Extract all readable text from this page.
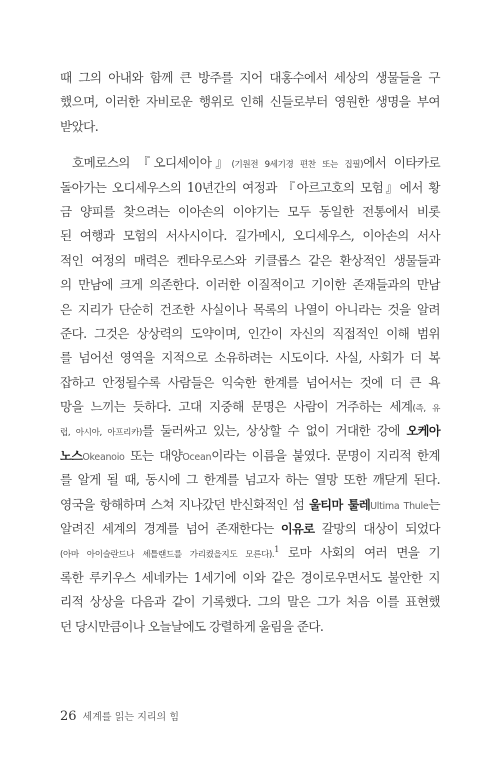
때 그의 아내와 함께 큰 방주를 지어 대홍수에서 세상의 생물들을 구
했으며, 이러한 자비로운 행위로 인해 신들로부터 영원한 생명을 부여
받았다.
호메로스의 『오디세이아』(기원전 9세기경 편찬 또는 집필)에서 이타카로
돌아가는 오디세우스의 10년간의 여정과 『아르고호의 모험』에서 황
금 양피를 찾으려는 이아손의 이야기는 모두 동일한 전통에서 비롯
된 여행과 모험의 서사시이다. 길가메시, 오디세우스, 이아손의 서사
적인 여정의 매력은 켄타우로스와 키클롭스 같은 환상적인 생물들과
의 만남에 크게 의존한다. 이러한 이질적이고 기이한 존재들과의 만남
은 지리가 단순히 건조한 사실이나 목록의 나열이 아니라는 것을 알려
준다. 그것은 상상력의 도약이며, 인간이 자신의 직접적인 이해 범위
를 넘어선 영역을 지적으로 소유하려는 시도이다. 사실, 사회가 더 복
잡하고 안정될수록 사람들은 익숙한 한계를 넘어서는 것에 더 큰 욕
망을 느끼는 듯하다. 고대 지중해 문명은 사람이 거주하는 세계(즉, 유
럽, 아시아, 아프리카)를 둘러싸고 있는, 상상할 수 없이 거대한 강에 오케아
노스Okeanoio 또는 대양Ocean이라는 이름을 붙였다. 문명이 지리적 한계
를 알게 될 때, 동시에 그 한계를 넘고자 하는 열망 또한 깨닫게 된다.
영국을 항해하며 스쳐 지나갔던 반신화적인 섬 울티마 툴레Ultima Thule는
알려진 세계의 경계를 넘어 존재한다는 이유로 갈망의 대상이 되었다
(아마 아이슬란드나 셰틀랜드를 가리켰을지도 모른다).$^1$ 로마 사회의 여러 면을 기
록한 루키우스 세네카는 1세기에 이와 같은 경이로우면서도 불안한 지
리적 상상을 다음과 같이 기록했다. 그의 말은 그가 처음 이를 표현했
던 당시만큼이나 오늘날에도 강렬하게 울림을 준다.
26 세계를 읽는 지리의 힘
